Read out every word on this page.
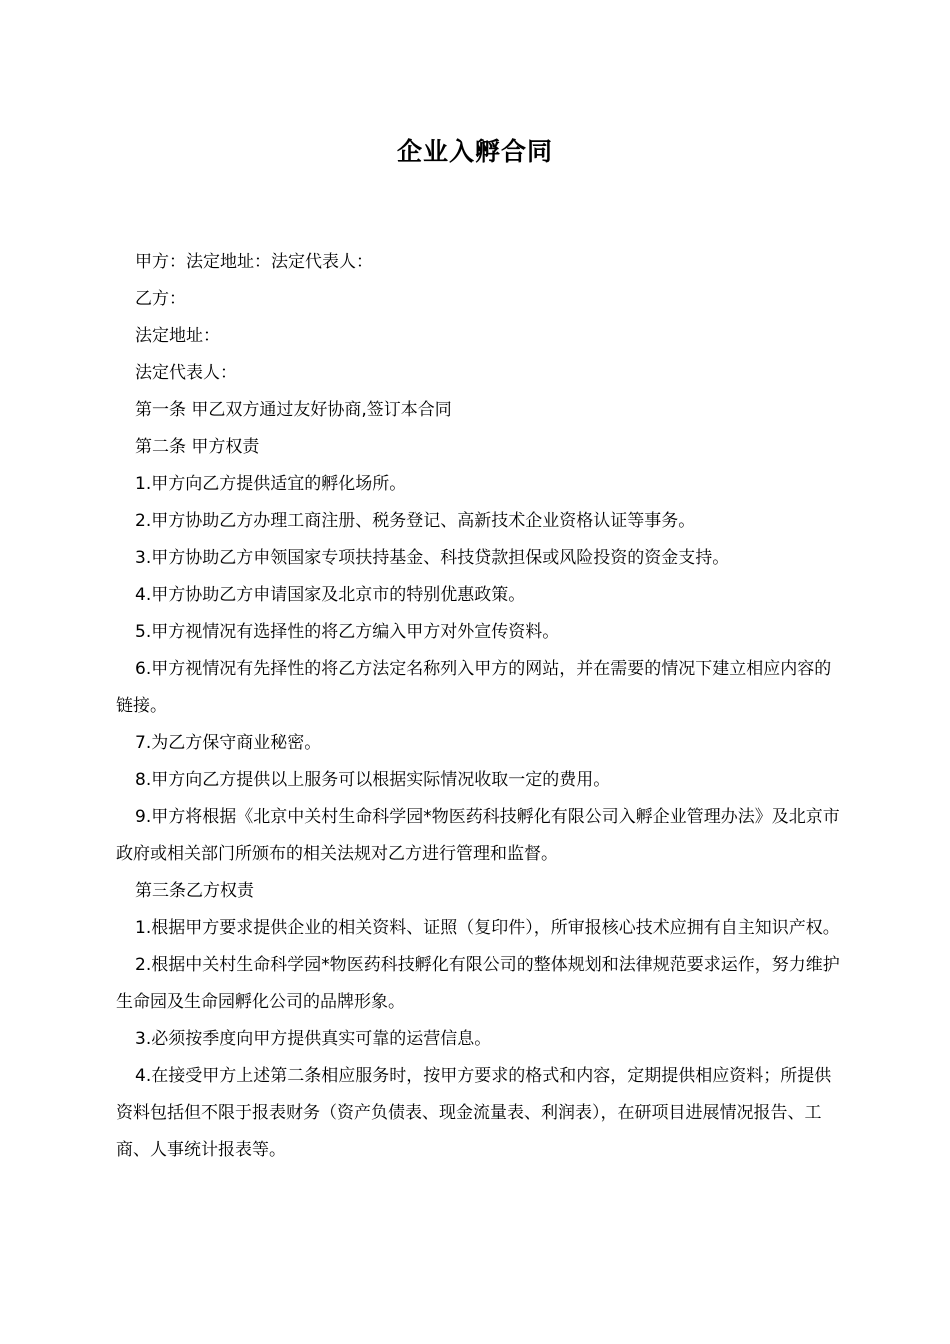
企业入孵合同

甲方：法定地址：法定代表人：

乙方：

法定地址：

法定代表人：

第一条 甲乙双方通过友好协商,签订本合同

第二条 甲方权责

1.甲方向乙方提供适宜的孵化场所。

2.甲方协助乙方办理工商注册、税务登记、高新技术企业资格认证等事务。

3.甲方协助乙方申领国家专项扶持基金、科技贷款担保或风险投资的资金支持。

4.甲方协助乙方申请国家及北京市的特别优惠政策。

5.甲方视情况有选择性的将乙方编入甲方对外宣传资料。

6.甲方视情况有先择性的将乙方法定名称列入甲方的网站，并在需要的情况下建立相应内容的链接。

7.为乙方保守商业秘密。

8.甲方向乙方提供以上服务可以根据实际情况收取一定的费用。

9.甲方将根据《北京中关村生命科学园*物医药科技孵化有限公司入孵企业管理办法》及北京市政府或相关部门所颁布的相关法规对乙方进行管理和监督。

第三条乙方权责

1.根据甲方要求提供企业的相关资料、证照（复印件），所审报核心技术应拥有自主知识产权。

2.根据中关村生命科学园*物医药科技孵化有限公司的整体规划和法律规范要求运作，努力维护生命园及生命园孵化公司的品牌形象。

3.必须按季度向甲方提供真实可靠的运营信息。

4.在接受甲方上述第二条相应服务时，按甲方要求的格式和内容，定期提供相应资料；所提供资料包括但不限于报表财务（资产负债表、现金流量表、利润表），在研项目进展情况报告、工商、人事统计报表等。
